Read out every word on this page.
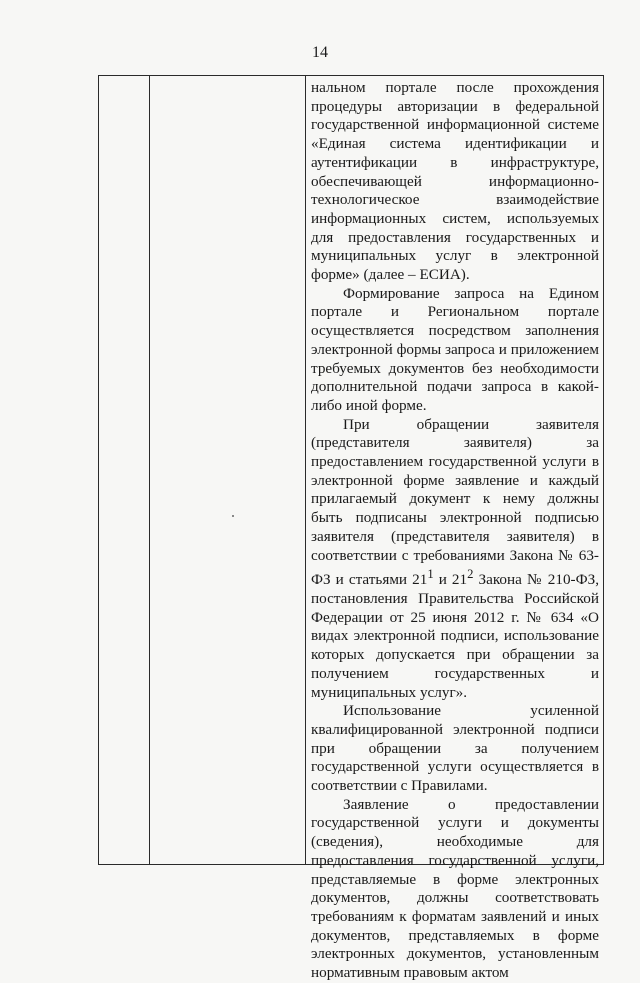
14

нальном портале после прохождения процедуры авторизации в федеральной государственной информационной системе «Единая система идентификации и аутентификации в инфраструктуре, обеспечивающей информационно-технологическое взаимодействие информационных систем, используемых для предоставления государственных и муниципальных услуг в электронной форме» (далее – ЕСИА).

Формирование запроса на Едином портале и Региональном портале осуществляется посредством заполнения электронной формы запроса и приложением требуемых документов без необходимости дополнительной подачи запроса в какой-либо иной форме.

При обращении заявителя (представителя заявителя) за предоставлением государственной услуги в электронной форме заявление и каждый прилагаемый документ к нему должны быть подписаны электронной подписью заявителя (представителя заявителя) в соответствии с требованиями Закона № 63-ФЗ и статьями $21^1$ и $21^2$ Закона № 210-ФЗ, постановления Правительства Российской Федерации от 25 июня 2012 г. № 634 «О видах электронной подписи, использование которых допускается при обращении за получением государственных и муниципальных услуг».

Использование усиленной квалифицированной электронной подписи при обращении за получением государственной услуги осуществляется в соответствии с Правилами.

Заявление о предоставлении государственной услуги и документы (сведения), необходимые для предоставления государственной услуги, представляемые в форме электронных документов, должны соответствовать требованиям к форматам заявлений и иных документов, представляемых в форме электронных документов, установленным нормативным правовым актом
